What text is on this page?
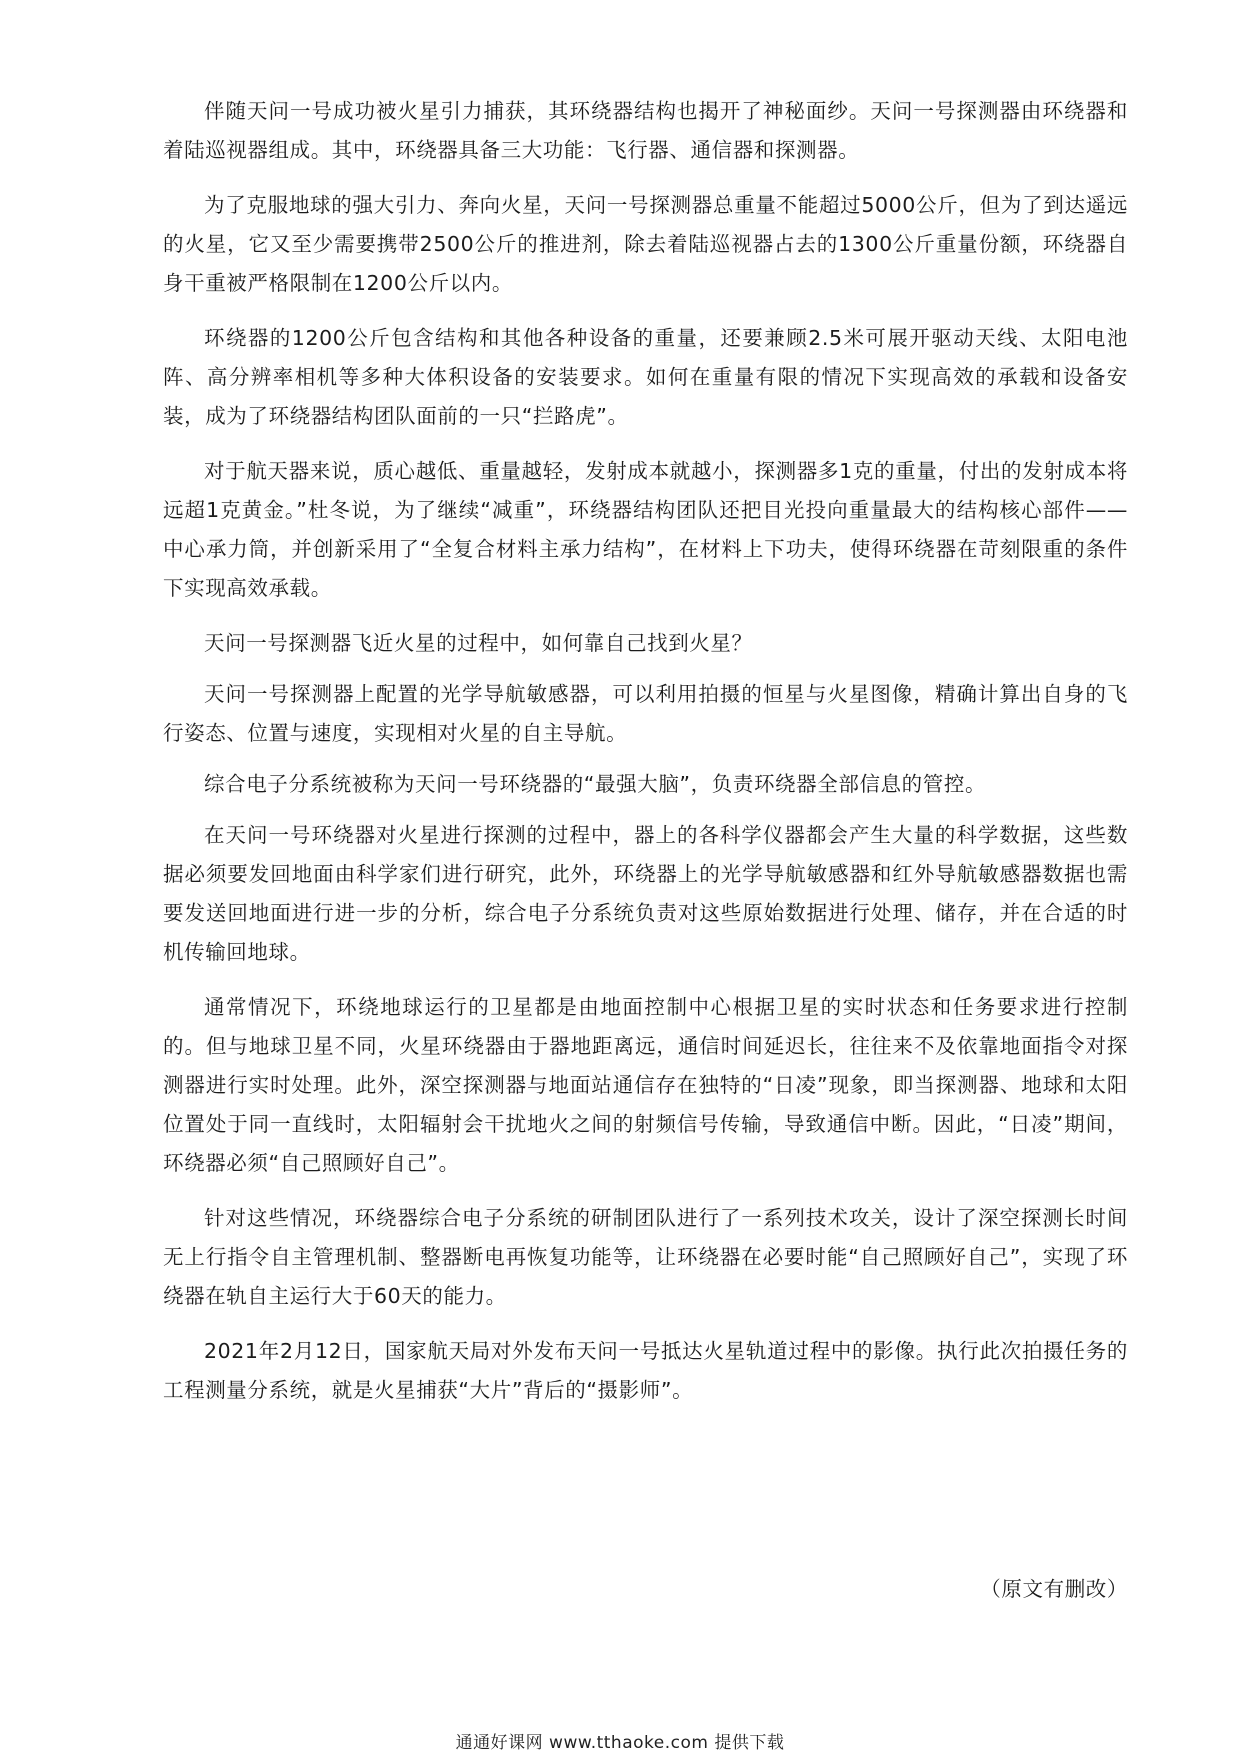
伴随天问一号成功被火星引力捕获，其环绕器结构也揭开了神秘面纱。天问一号探测器由环绕器和着陆巡视器组成。其中，环绕器具备三大功能：飞行器、通信器和探测器。

为了克服地球的强大引力、奔向火星，天问一号探测器总重量不能超过5000公斤，但为了到达遥远的火星，它又至少需要携带2500公斤的推进剂，除去着陆巡视器占去的1300公斤重量份额，环绕器自身干重被严格限制在1200公斤以内。

环绕器的1200公斤包含结构和其他各种设备的重量，还要兼顾2.5米可展开驱动天线、太阳电池阵、高分辨率相机等多种大体积设备的安装要求。如何在重量有限的情况下实现高效的承载和设备安装，成为了环绕器结构团队面前的一只“拦路虎”。

对于航天器来说，质心越低、重量越轻，发射成本就越小，探测器多1克的重量，付出的发射成本将远超1克黄金。”杜冬说，为了继续“减重”，环绕器结构团队还把目光投向重量最大的结构核心部件——中心承力筒，并创新采用了“全复合材料主承力结构”，在材料上下功夫，使得环绕器在苛刻限重的条件下实现高效承载。

天问一号探测器飞近火星的过程中，如何靠自己找到火星？

天问一号探测器上配置的光学导航敏感器，可以利用拍摄的恒星与火星图像，精确计算出自身的飞行姿态、位置与速度，实现相对火星的自主导航。

综合电子分系统被称为天问一号环绕器的“最强大脑”，负责环绕器全部信息的管控。

在天问一号环绕器对火星进行探测的过程中，器上的各科学仪器都会产生大量的科学数据，这些数据必须要发回地面由科学家们进行研究，此外，环绕器上的光学导航敏感器和红外导航敏感器数据也需要发送回地面进行进一步的分析，综合电子分系统负责对这些原始数据进行处理、储存，并在合适的时机传输回地球。

通常情况下，环绕地球运行的卫星都是由地面控制中心根据卫星的实时状态和任务要求进行控制的。但与地球卫星不同，火星环绕器由于器地距离远，通信时间延迟长，往往来不及依靠地面指令对探测器进行实时处理。此外，深空探测器与地面站通信存在独特的“日凌”现象，即当探测器、地球和太阳位置处于同一直线时，太阳辐射会干扰地火之间的射频信号传输，导致通信中断。因此，“日凌”期间，环绕器必须“自己照顾好自己”。

针对这些情况，环绕器综合电子分系统的研制团队进行了一系列技术攻关，设计了深空探测长时间无上行指令自主管理机制、整器断电再恢复功能等，让环绕器在必要时能“自己照顾好自己”，实现了环绕器在轨自主运行大于60天的能力。

2021年2月12日，国家航天局对外发布天问一号抵达火星轨道过程中的影像。执行此次拍摄任务的工程测量分系统，就是火星捕获“大片”背后的“摄影师”。

（原文有删改）
通通好课网 www.tthaoke.com 提供下载
